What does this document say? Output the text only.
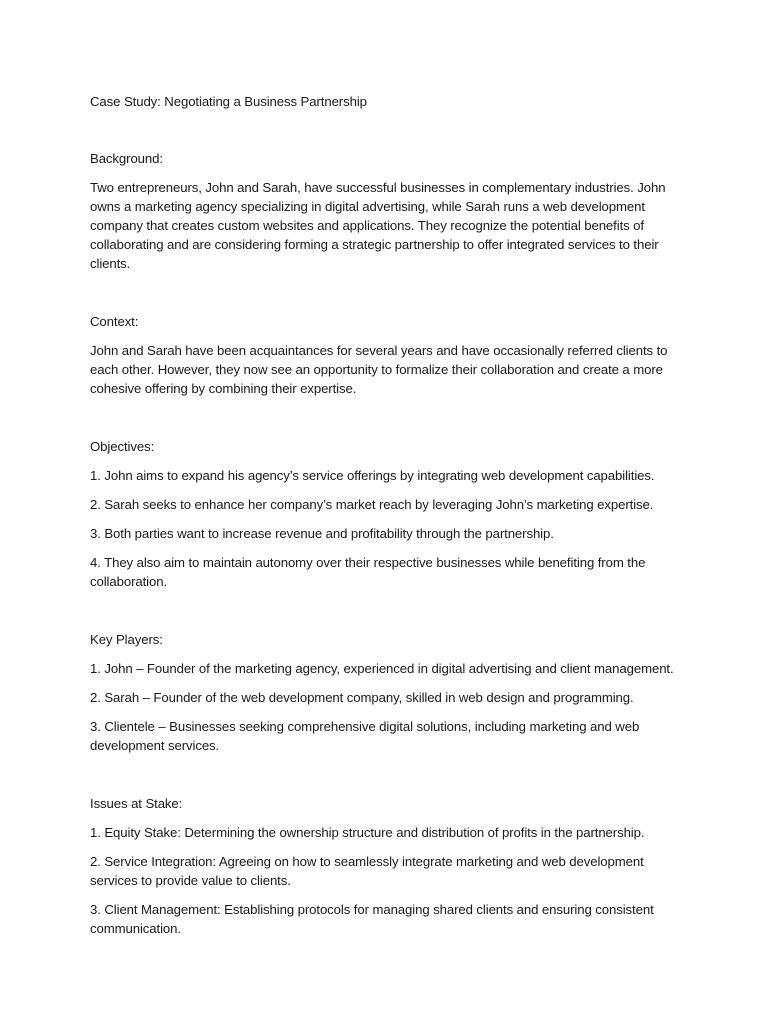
Case Study: Negotiating a Business Partnership

Background:

Two entrepreneurs, John and Sarah, have successful businesses in complementary industries. John owns a marketing agency specializing in digital advertising, while Sarah runs a web development company that creates custom websites and applications. They recognize the potential benefits of collaborating and are considering forming a strategic partnership to offer integrated services to their clients.

Context:

John and Sarah have been acquaintances for several years and have occasionally referred clients to each other. However, they now see an opportunity to formalize their collaboration and create a more cohesive offering by combining their expertise.

Objectives:

1. John aims to expand his agency’s service offerings by integrating web development capabilities.

2. Sarah seeks to enhance her company’s market reach by leveraging John’s marketing expertise.

3. Both parties want to increase revenue and profitability through the partnership.

4. They also aim to maintain autonomy over their respective businesses while benefiting from the collaboration.

Key Players:

1. John – Founder of the marketing agency, experienced in digital advertising and client management.

2. Sarah – Founder of the web development company, skilled in web design and programming.

3. Clientele – Businesses seeking comprehensive digital solutions, including marketing and web development services.

Issues at Stake:

1. Equity Stake: Determining the ownership structure and distribution of profits in the partnership.

2. Service Integration: Agreeing on how to seamlessly integrate marketing and web development services to provide value to clients.

3. Client Management: Establishing protocols for managing shared clients and ensuring consistent communication.
